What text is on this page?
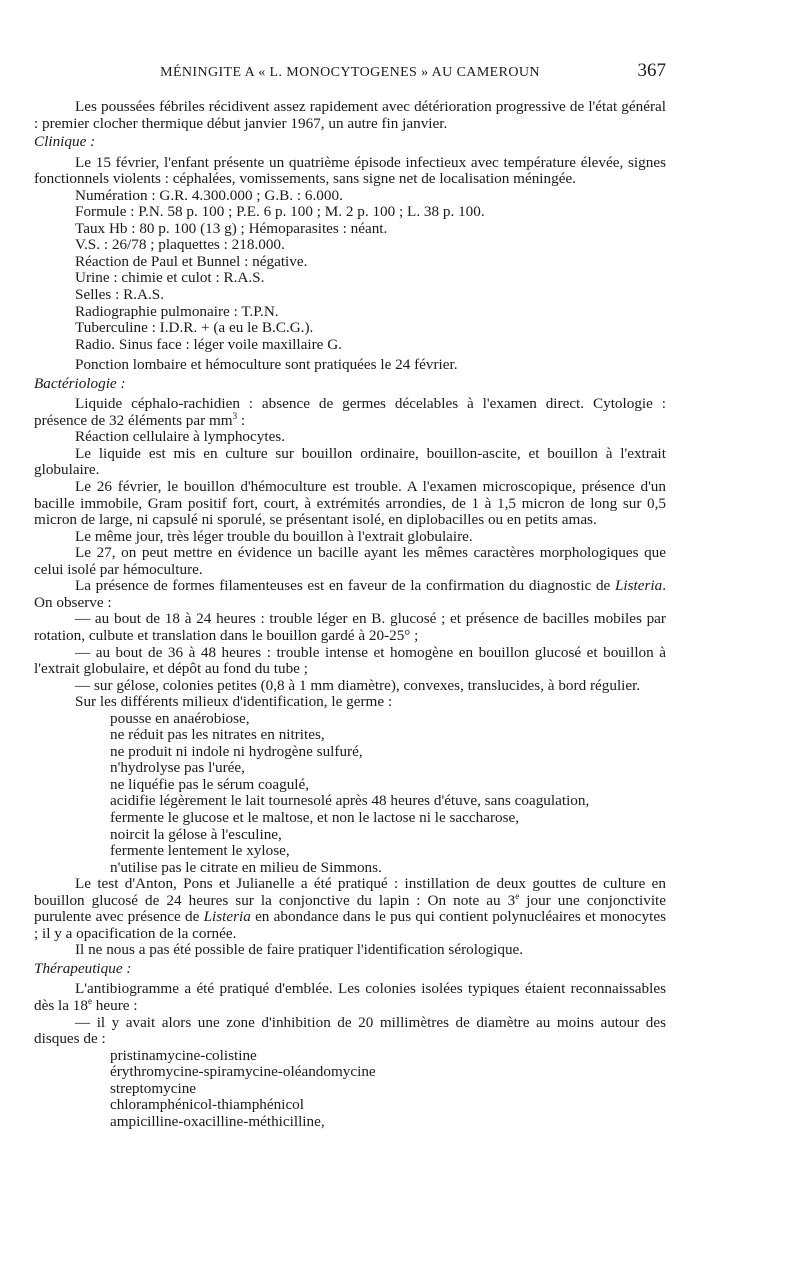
MÉNINGITE A « L. MONOCYTOGENES » AU CAMEROUN	367

Les poussées fébriles récidivent assez rapidement avec détérioration progressive de l'état général : premier clocher thermique début janvier 1967, un autre fin janvier.

Clinique :

Le 15 février, l'enfant présente un quatrième épisode infectieux avec température élevée, signes fonctionnels violents : céphalées, vomissements, sans signe net de localisation méningée.

Numération : G.R. 4.300.000 ; G.B. : 6.000.

Formule : P.N. 58 p. 100 ; P.E. 6 p. 100 ; M. 2 p. 100 ; L. 38 p. 100.

Taux Hb : 80 p. 100 (13 g) ; Hémoparasites : néant.

V.S. : 26/78 ; plaquettes : 218.000.

Réaction de Paul et Bunnel : négative.

Urine : chimie et culot : R.A.S.

Selles : R.A.S.

Radiographie pulmonaire : T.P.N.

Tuberculine : I.D.R. + (a eu le B.C.G.).

Radio. Sinus face : léger voile maxillaire G.

Ponction lombaire et hémoculture sont pratiquées le 24 février.

Bactériologie :

Liquide céphalo-rachidien : absence de germes décelables à l'examen direct. Cytologie : présence de 32 éléments par $mm^3$ :

Réaction cellulaire à lymphocytes.

Le liquide est mis en culture sur bouillon ordinaire, bouillon-ascite, et bouillon à l'extrait globulaire.

Le 26 février, le bouillon d'hémoculture est trouble. A l'examen microscopique, présence d'un bacille immobile, Gram positif fort, court, à extrémités arrondies, de 1 à 1,5 micron de long sur 0,5 micron de large, ni capsulé ni sporulé, se présentant isolé, en diplobacilles ou en petits amas.

Le même jour, très léger trouble du bouillon à l'extrait globulaire.

Le 27, on peut mettre en évidence un bacille ayant les mêmes caractères morphologiques que celui isolé par hémoculture.

La présence de formes filamenteuses est en faveur de la confirmation du diagnostic de Listeria. On observe :

— au bout de 18 à 24 heures : trouble léger en B. glucosé ; et présence de bacilles mobiles par rotation, culbute et translation dans le bouillon gardé à 20-25° ;

— au bout de 36 à 48 heures : trouble intense et homogène en bouillon glucosé et bouillon à l'extrait globulaire, et dépôt au fond du tube ;

— sur gélose, colonies petites (0,8 à 1 mm diamètre), convexes, translucides, à bord régulier.

Sur les différents milieux d'identification, le germe :

pousse en anaérobiose,

ne réduit pas les nitrates en nitrites,

ne produit ni indole ni hydrogène sulfuré,

n'hydrolyse pas l'urée,

ne liquéfie pas le sérum coagulé,

acidifie légèrement le lait tournesolé après 48 heures d'étuve, sans coagulation,

fermente le glucose et le maltose, et non le lactose ni le saccharose,

noircit la gélose à l'esculine,

fermente lentement le xylose,

n'utilise pas le citrate en milieu de Simmons.

Le test d'Anton, Pons et Julianelle a été pratiqué : instillation de deux gouttes de culture en bouillon glucosé de 24 heures sur la conjonctive du lapin : On note au 3e jour une conjonctivite purulente avec présence de Listeria en abondance dans le pus qui contient polynucléaires et monocytes ; il y a opacification de la cornée.

Il ne nous a pas été possible de faire pratiquer l'identification sérologique.

Thérapeutique :

L'antibiogramme a été pratiqué d'emblée. Les colonies isolées typiques étaient reconnaissables dès la 18e heure :

— il y avait alors une zone d'inhibition de 20 millimètres de diamètre au moins autour des disques de :

pristinamycine-colistine

érythromycine-spiramycine-oléandomycine

streptomycine

chloramphénicol-thiamphénicol

ampicilline-oxacilline-méthicilline,
